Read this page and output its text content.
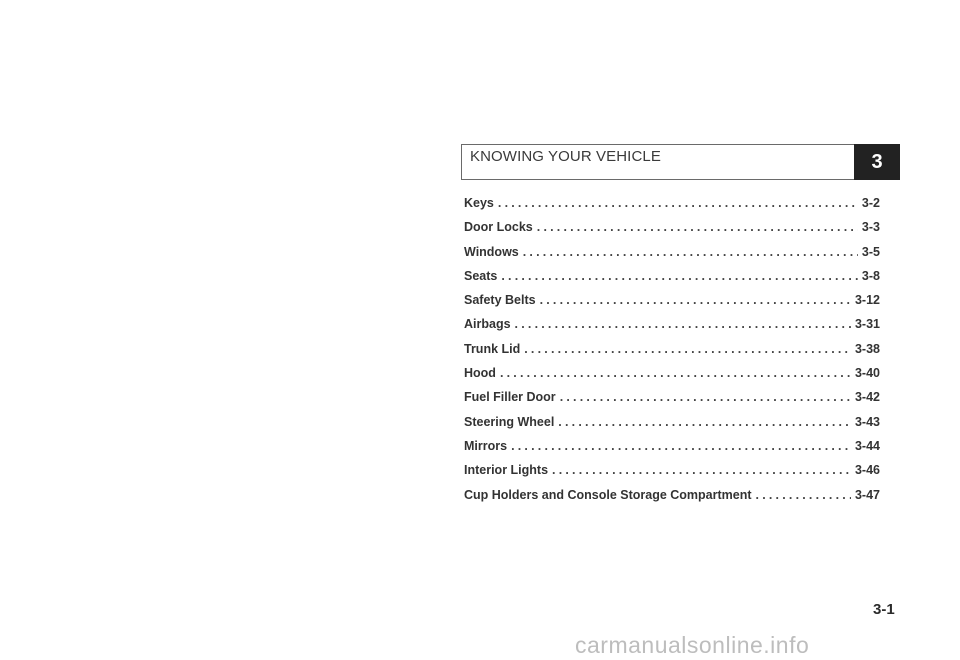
KNOWING YOUR VEHICLE	3
Keys .....	3-2
Door Locks .....	3-3
Windows .....	3-5
Seats .....	3-8
Safety Belts .....	3-12
Airbags .....	3-31
Trunk Lid .....	3-38
Hood .....	3-40
Fuel Filler Door .....	3-42
Steering Wheel .....	3-43
Mirrors .....	3-44
Interior Lights .....	3-46
Cup Holders and Console Storage Compartment .....	3-47
3-1
carmanualsonline.info
